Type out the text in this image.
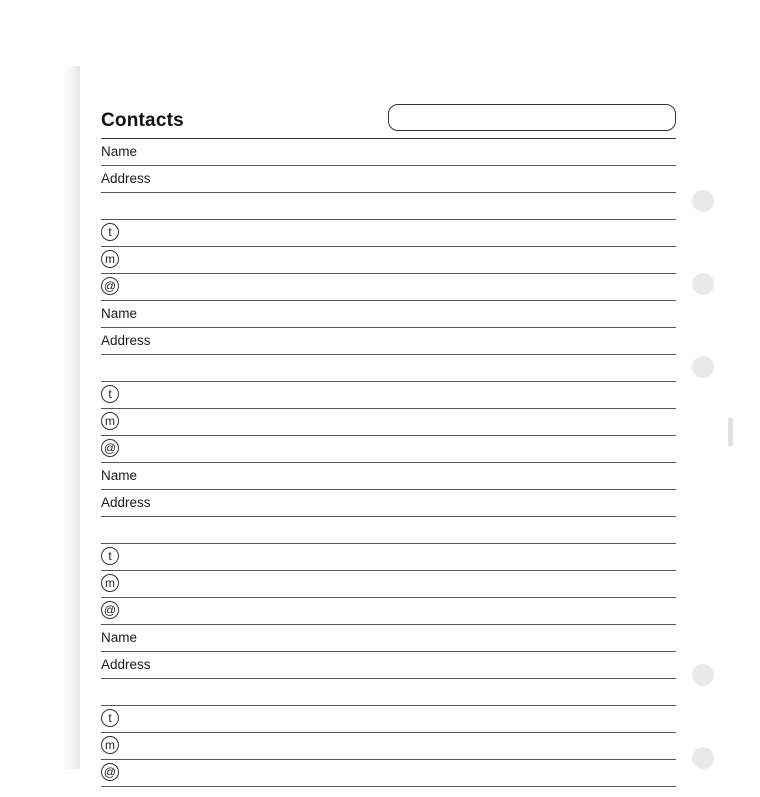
Contacts
Name
Address
t
m
@
Name
Address
t
m
@
Name
Address
t
m
@
Name
Address
t
m
@
